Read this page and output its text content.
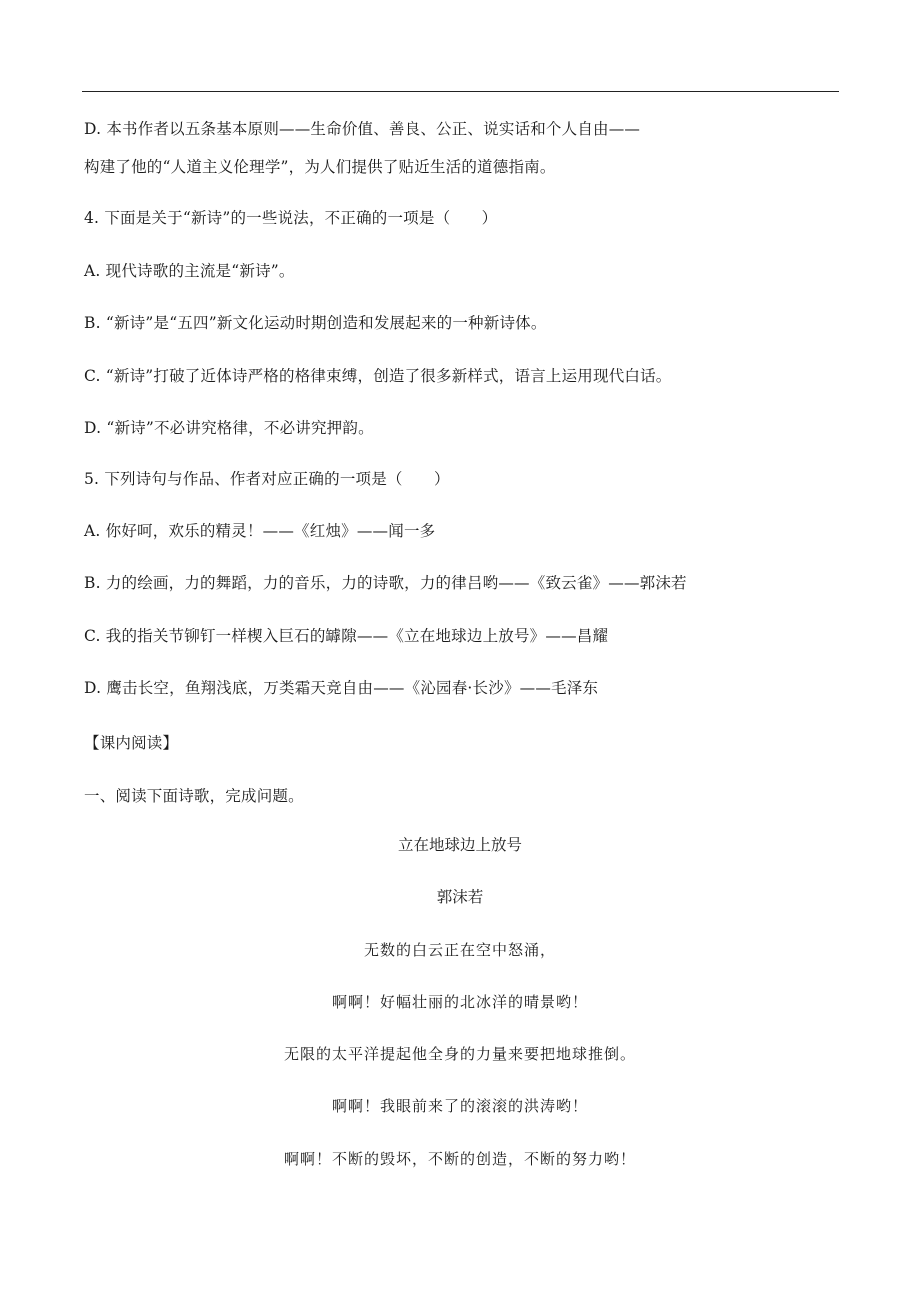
D. 本书作者以五条基本原则——生命价值、善良、公正、说实话和个人自由——
构建了他的“人道主义伦理学”，为人们提供了贴近生活的道德指南。
4. 下面是关于“新诗”的一些说法，不正确的一项是（　　）
A. 现代诗歌的主流是“新诗”。
B. “新诗”是“五四”新文化运动时期创造和发展起来的一种新诗体。
C. “新诗”打破了近体诗严格的格律束缚，创造了很多新样式，语言上运用现代白话。
D. “新诗”不必讲究格律，不必讲究押韵。
5. 下列诗句与作品、作者对应正确的一项是（　　）
A. 你好呵，欢乐的精灵！——《红烛》——闻一多
B. 力的绘画，力的舞蹈，力的音乐，力的诗歌，力的律吕哟——《致云雀》——郭沫若
C. 我的指关节铆钉一样楔入巨石的罅隙——《立在地球边上放号》——昌耀
D. 鹰击长空，鱼翔浅底，万类霜天竞自由——《沁园春·长沙》——毛泽东
【课内阅读】
一、阅读下面诗歌，完成问题。
立在地球边上放号
郭沫若
无数的白云正在空中怒涌，
啊啊！好幅壮丽的北冰洋的晴景哟！
无限的太平洋提起他全身的力量来要把地球推倒。
啊啊！我眼前来了的滚滚的洪涛哟！
啊啊！不断的毁坏，不断的创造，不断的努力哟！
